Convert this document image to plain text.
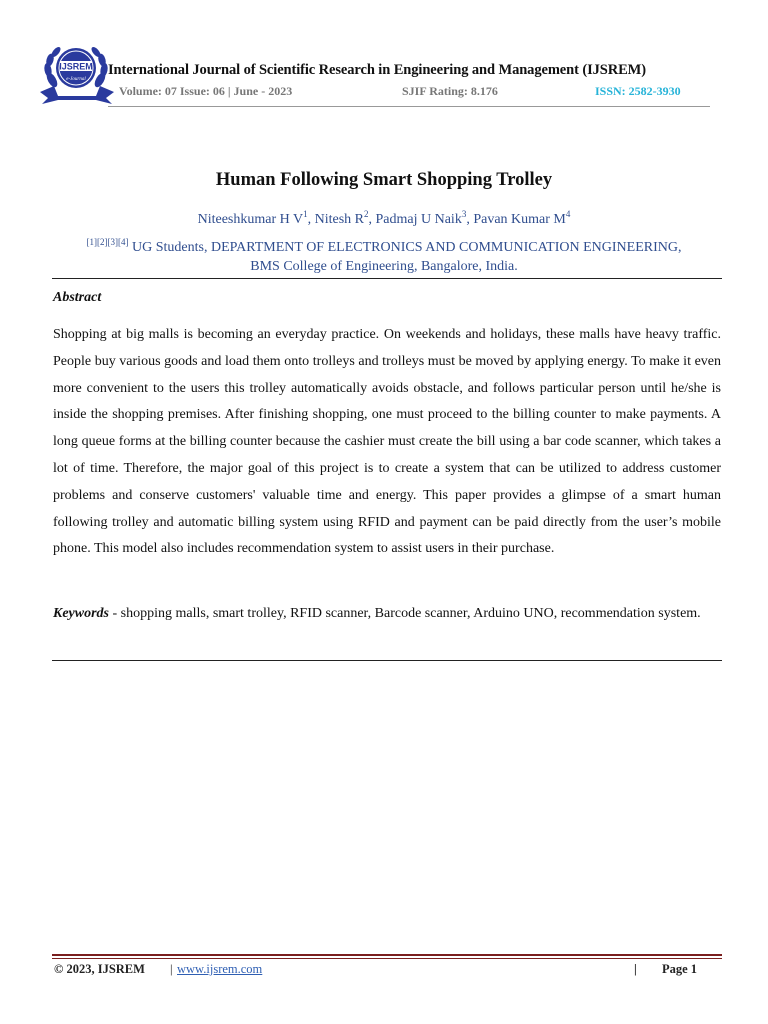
IJSREM
e-Journal
International Journal of Scientific Research in Engineering and Management (IJSREM)
Volume: 07 Issue: 06 | June - 2023	SJIF Rating: 8.176	ISSN: 2582-3930
Human Following Smart Shopping Trolley
Niteeshkumar H $V^1$, Nitesh $R^2$, Padmaj U Naik$^3$, Pavan Kumar $M^4$
[1][2][3][4] UG Students, DEPARTMENT OF ELECTRONICS AND COMMUNICATION ENGINEERING,
BMS College of Engineering, Bangalore, India.
Abstract
Shopping at big malls is becoming an everyday practice. On weekends and holidays, these malls have heavy traffic. People buy various goods and load them onto trolleys and trolleys must be moved by applying energy. To make it even more convenient to the users this trolley automatically avoids obstacle, and follows particular person until he/she is inside the shopping premises. After finishing shopping, one must proceed to the billing counter to make payments. A long queue forms at the billing counter because the cashier must create the bill using a bar code scanner, which takes a lot of time. Therefore, the major goal of this project is to create a system that can be utilized to address customer problems and conserve customers' valuable time and energy. This paper provides a glimpse of a smart human following trolley and automatic billing system using RFID and payment can be paid directly from the user’s mobile phone. This model also includes recommendation system to assist users in their purchase.
Keywords - shopping malls, smart trolley, RFID scanner, Barcode scanner, Arduino UNO, recommendation system.
© 2023, IJSREM | www.ijsrem.com	| Page 1
